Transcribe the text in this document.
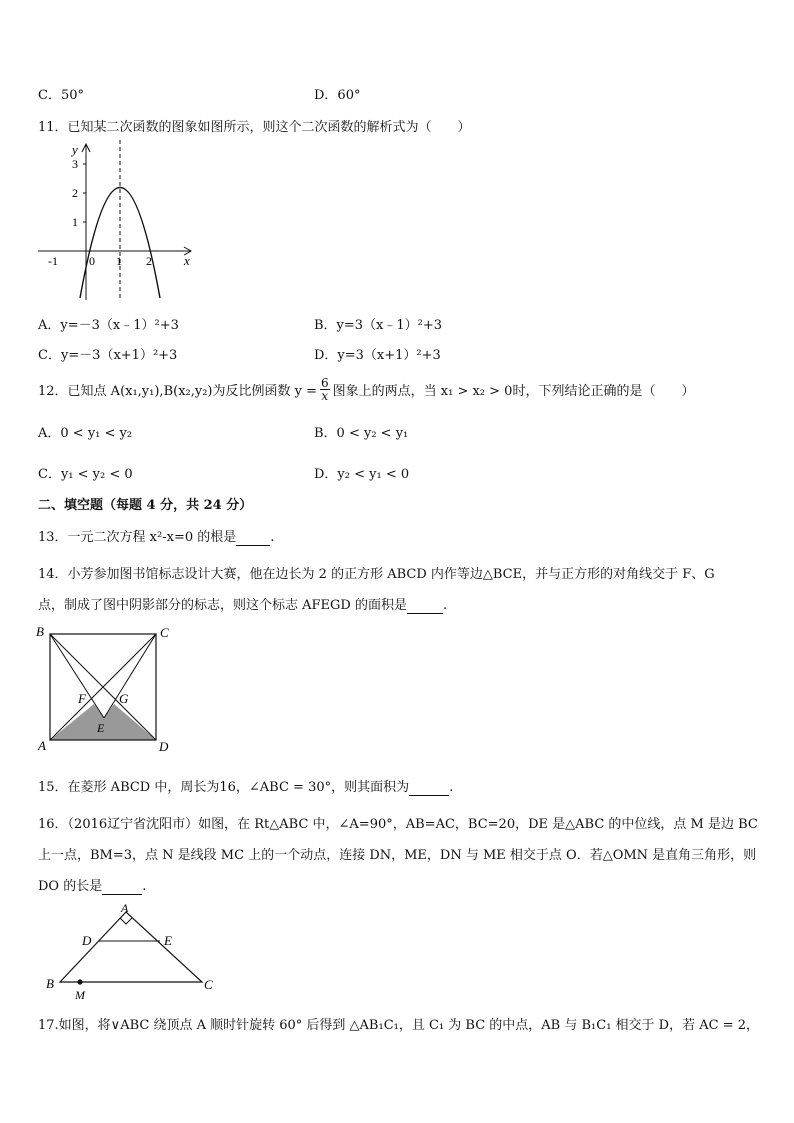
C．50°	D．60°
11．已知某二次函数的图象如图所示，则这个二次函数的解析式为（　　）
y
x
3
2
1
-1	0 1 2
A．y=－3（x﹣1）²+3	B．y=3（x﹣1）²+3
C．y=－3（x+1）²+3	D．y=3（x+1）²+3
12．已知点 A(x₁,y₁),B(x₂,y₂)为反比例函数 $y = \frac{6}{x}$ 图象上的两点，当 x₁ > x₂ > 0时，下列结论正确的是（　　）
A．0 < y₁ < y₂	B．0 < y₂ < y₁
C．y₁ < y₂ < 0	D．y₂ < y₁ < 0
二、填空题（每题 4 分，共 24 分）
13．一元二次方程 x²-x=0 的根是	.
14．小芳参加图书馆标志设计大赛，他在边长为 2 的正方形 ABCD 内作等边△BCE，并与正方形的对角线交于 F、G
点，制成了图中阴影部分的标志，则这个标志 AFEGD 的面积是	.
B	C
F	G
E
A	D
15．在菱形 ABCD 中，周长为16，∠ABC = 30°，则其面积为	.
16．（2016辽宁省沈阳市）如图，在 Rt△ABC 中，∠A=90°，AB=AC，BC=20，DE 是△ABC 的中位线，点 M 是边 BC
上一点，BM=3，点 N 是线段 MC 上的一个动点，连接 DN，ME，DN 与 ME 相交于点 O．若△OMN 是直角三角形，则
DO 的长是	.
A
D	E
B	C
M
17.如图，将∨ABC 绕顶点 A 顺时针旋转 60° 后得到 △AB₁C₁，且 C₁ 为 BC 的中点，AB 与 B₁C₁ 相交于 D，若 AC = 2，
